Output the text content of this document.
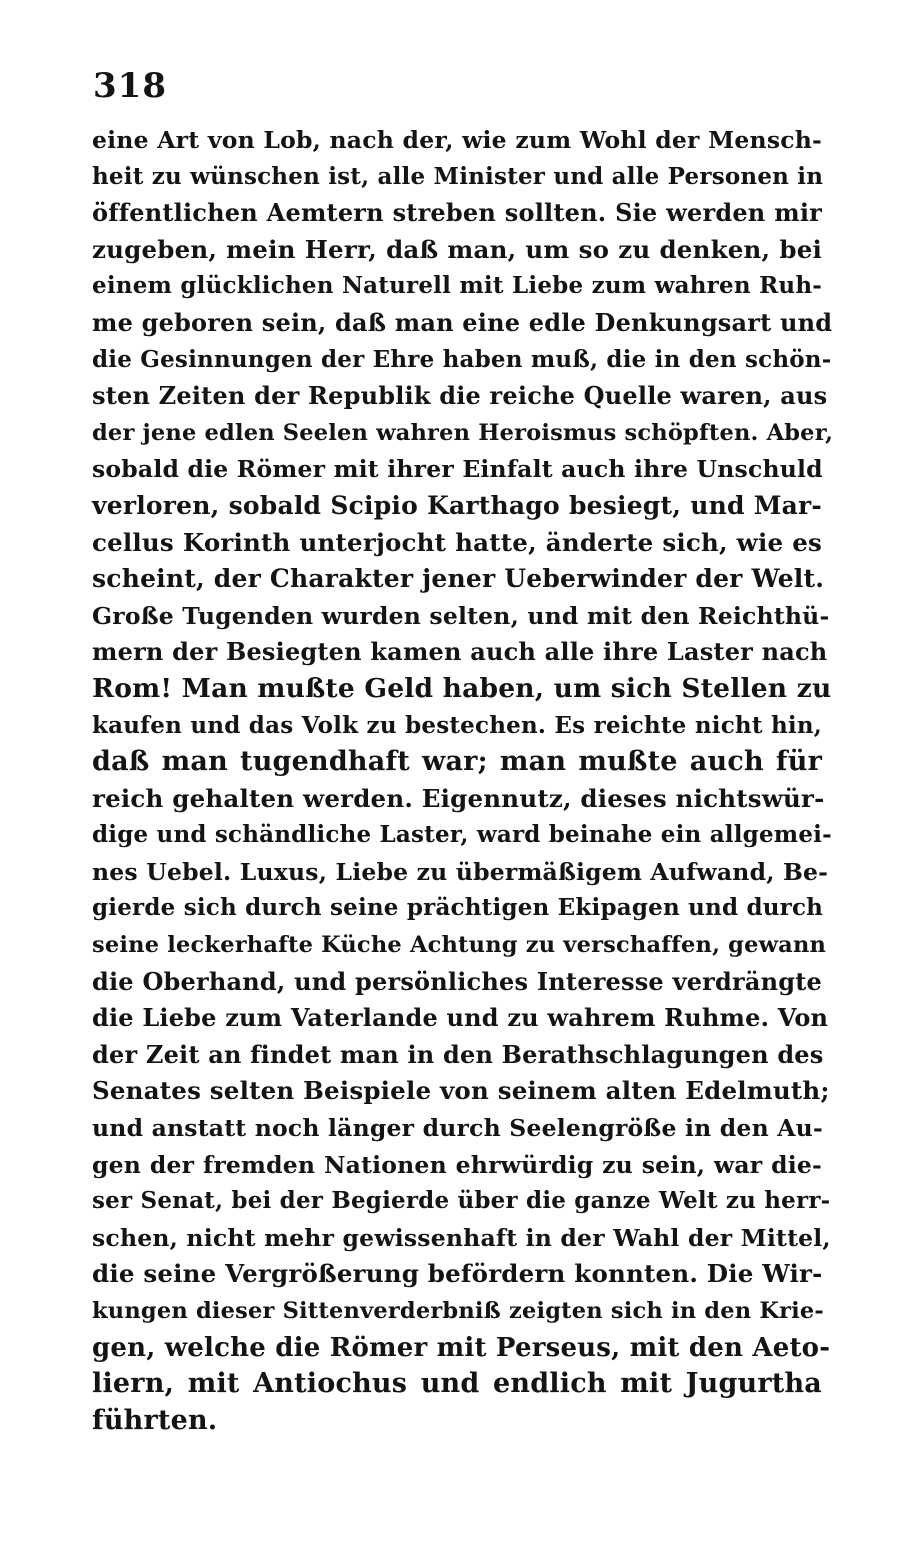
318
eine Art von Lob, nach der, wie zum Wohl der Mensch-
heit zu wünschen ist, alle Minister und alle Personen in
öffentlichen Aemtern streben sollten. Sie werden mir
zugeben, mein Herr, daß man, um so zu denken, bei
einem glücklichen Naturell mit Liebe zum wahren Ruh-
me geboren sein, daß man eine edle Denkungsart und
die Gesinnungen der Ehre haben muß, die in den schön-
sten Zeiten der Republik die reiche Quelle waren, aus
der jene edlen Seelen wahren Heroismus schöpften. Aber,
sobald die Römer mit ihrer Einfalt auch ihre Unschuld
verloren, sobald Scipio Karthago besiegt, und Mar-
cellus Korinth unterjocht hatte, änderte sich, wie es
scheint, der Charakter jener Ueberwinder der Welt.
Große Tugenden wurden selten, und mit den Reichthü-
mern der Besiegten kamen auch alle ihre Laster nach
Rom! Man mußte Geld haben, um sich Stellen zu
kaufen und das Volk zu bestechen. Es reichte nicht hin,
daß man tugendhaft war; man mußte auch für
reich gehalten werden. Eigennutz, dieses nichtswür-
dige und schändliche Laster, ward beinahe ein allgemei-
nes Uebel. Luxus, Liebe zu übermäßigem Aufwand, Be-
gierde sich durch seine prächtigen Ekipagen und durch
seine leckerhafte Küche Achtung zu verschaffen, gewann
die Oberhand, und persönliches Interesse verdrängte
die Liebe zum Vaterlande und zu wahrem Ruhme. Von
der Zeit an findet man in den Berathschlagungen des
Senates selten Beispiele von seinem alten Edelmuth;
und anstatt noch länger durch Seelengröße in den Au-
gen der fremden Nationen ehrwürdig zu sein, war die-
ser Senat, bei der Begierde über die ganze Welt zu herr-
schen, nicht mehr gewissenhaft in der Wahl der Mittel,
die seine Vergrößerung befördern konnten. Die Wir-
kungen dieser Sittenverderbniß zeigten sich in den Krie-
gen, welche die Römer mit Perseus, mit den Aeto-
liern, mit Antiochus und endlich mit Jugurtha
führten.
